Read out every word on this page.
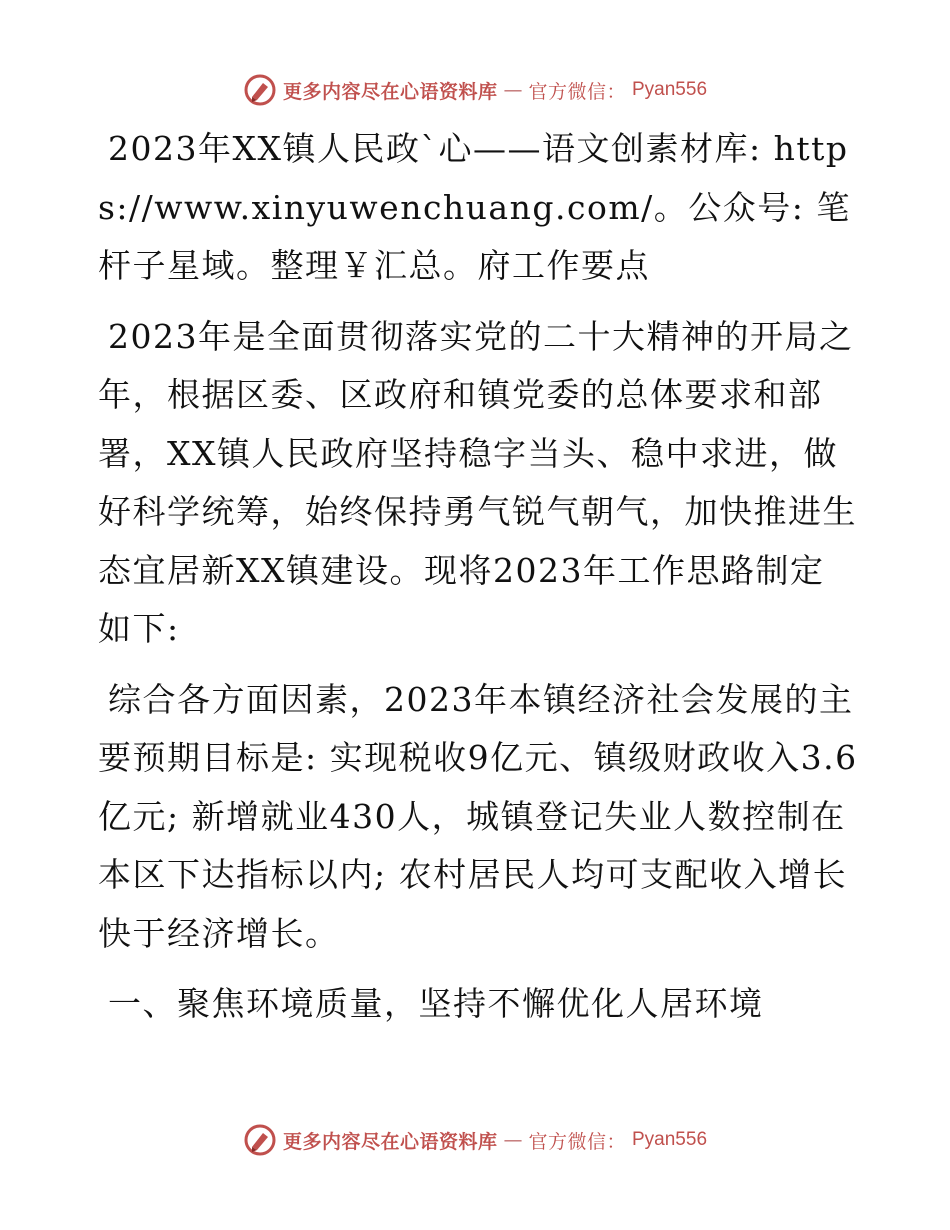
更多内容尽在心语资料库 — 官方微信： Pyan556

2023年XX镇人民政`心——语文创素材库: https://www.xinyuwenchuang.com/。公众号: 笔杆子星域。整理￥汇总。府工作要点

2023年是全面贯彻落实党的二十大精神的开局之年，根据区委、区政府和镇党委的总体要求和部署，XX镇人民政府坚持稳字当头、稳中求进，做好科学统筹，始终保持勇气锐气朝气，加快推进生态宜居新XX镇建设。现将2023年工作思路制定如下:

综合各方面因素，2023年本镇经济社会发展的主要预期目标是: 实现税收9亿元、镇级财政收入3.6亿元; 新增就业430人，城镇登记失业人数控制在本区下达指标以内; 农村居民人均可支配收入增长快于经济增长。

一、聚焦环境质量，坚持不懈优化人居环境

更多内容尽在心语资料库 — 官方微信： Pyan556
